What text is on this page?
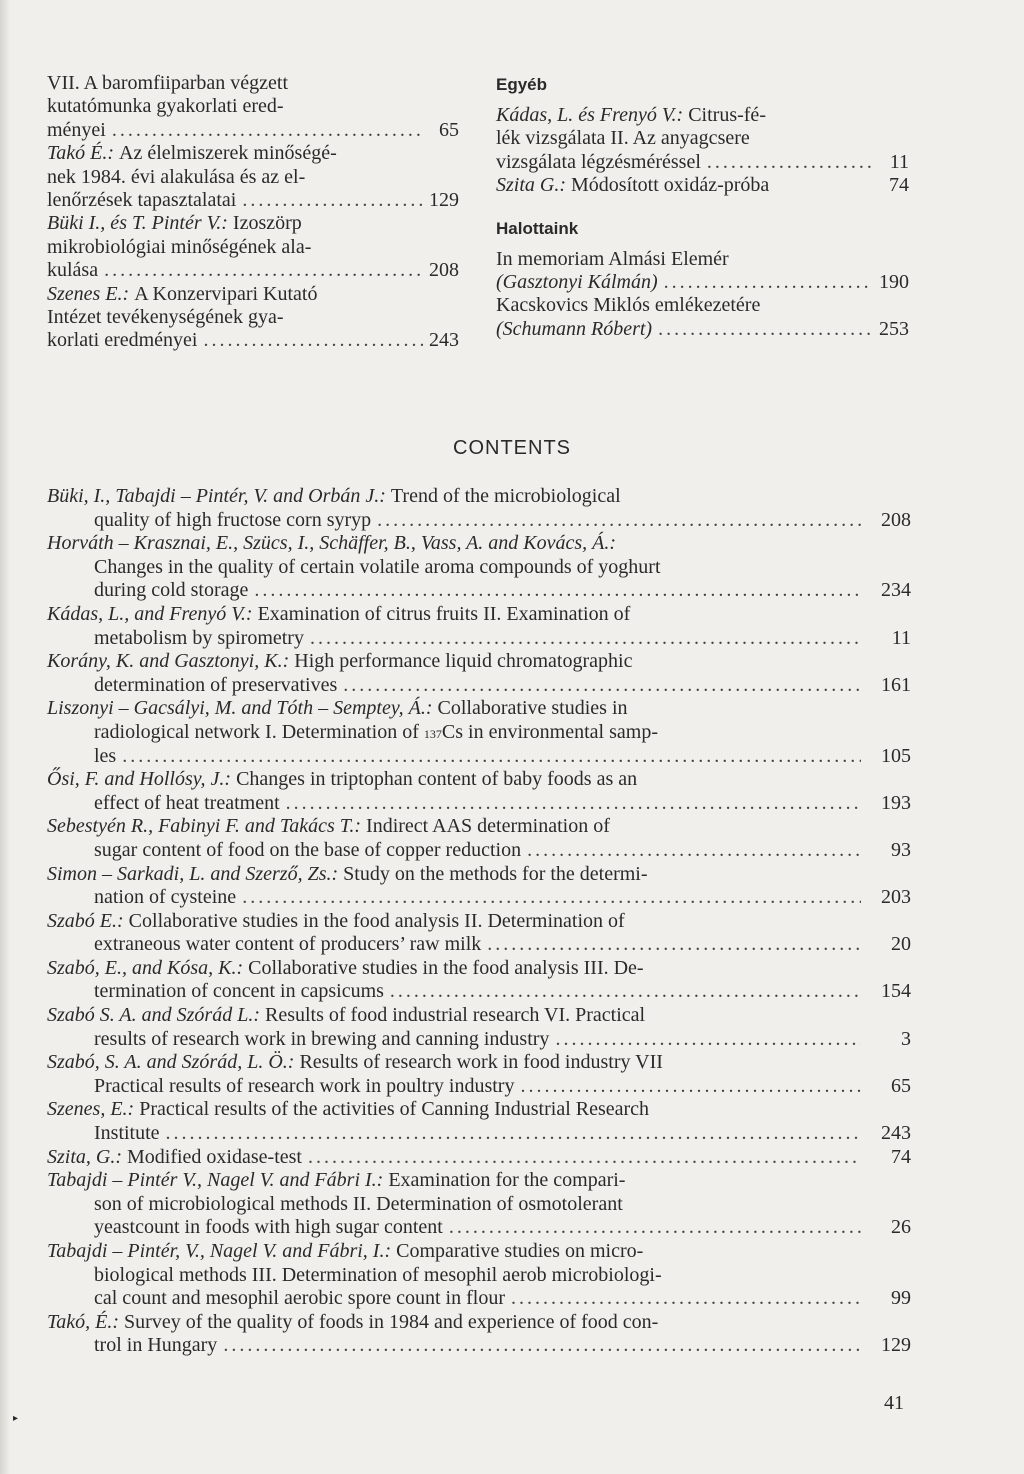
VII. A baromfiiparban végzett
kutatómunka gyakorlati ered-
ményei .....	65
Takó É.:
Az élelmiszerek minőségé-
nek 1984. évi alakulása és az el-
lenőrzések tapasztalatai .....	129
Büki I., és T. Pintér V.:
Izoszörp
mikrobiológiai minőségének ala-
kulása .....	208
Szenes E.:
A Konzervipari Kutató
Intézet tevékenységének gya-
korlati eredményei .....	243
Egyéb
Kádas, L. és Frenyó V.:
Citrus-fé-
lék vizsgálata II. Az anyagcsere
vizsgálata légzésméréssel .....	11
Szita G.:
Módosított oxidáz-próba	74
Halottaink
In memoriam Almási Elemér
(Gasztonyi Kálmán) .....	190
Kacskovics Miklós emlékezetére
(Schumann Róbert) .....	253
CONTENTS
Büki, I., Tabajdi – Pintér, V. and Orbán J.:
Trend of the microbiological
quality of high fructose corn syryp .....	208
Horváth – Krasznai, E., Szücs, I., Schäffer, B., Vass, A. and Kovács, Á.:
Changes in the quality of certain volatile aroma compounds of yoghurt
during cold storage .....	234
Kádas, L., and Frenyó V.:
Examination of citrus fruits II. Examination of
metabolism by spirometry .....	11
Korány, K. and Gasztonyi, K.:
High performance liquid chromatographic
determination of preservatives .....	161
Liszonyi – Gacsályi, M. and Tóth – Semptey, Á.:
Collaborative studies in
radiological network I. Determination of
137 Cs in environmental samp-
les .....	105
Ősi, F. and Hollósy, J.:
Changes in triptophan content of baby foods as an
effect of heat treatment .....	193
Sebestyén R., Fabinyi F. and Takács T.:
Indirect AAS determination of
sugar content of food on the base of copper reduction .....	93
Simon – Sarkadi, L. and Szerző, Zs.:
Study on the methods for the determi-
nation of cysteine .....	203
Szabó E.:
Collaborative studies in the food analysis II. Determination of
extraneous water content of producers’ raw milk .....	20
Szabó, E., and Kósa, K.:
Collaborative studies in the food analysis III. De-
termination of concent in capsicums .....	154
Szabó S. A. and Szórád L.:
Results of food industrial research VI. Practical
results of research work in brewing and canning industry .....	3
Szabó, S. A. and Szórád, L. Ö.:
Results of research work in food industry VII
Practical results of research work in poultry industry .....	65
Szenes, E.:
Practical results of the activities of Canning Industrial Research
Institute .....	243
Szita, G.:
Modified oxidase-test .....	74
Tabajdi – Pintér V., Nagel V. and Fábri I.:
Examination for the compari-
son of microbiological methods II. Determination of osmotolerant
yeastcount in foods with high sugar content .....	26
Tabajdi – Pintér, V., Nagel V. and Fábri, I.:
Comparative studies on micro-
biological methods III. Determination of mesophil aerob microbiologi-
cal count and mesophil aerobic spore count in flour .....	99
Takó, É.:
Survey of the quality of foods in 1984 and experience of food con-
trol in Hungary .....	129
41
▸
